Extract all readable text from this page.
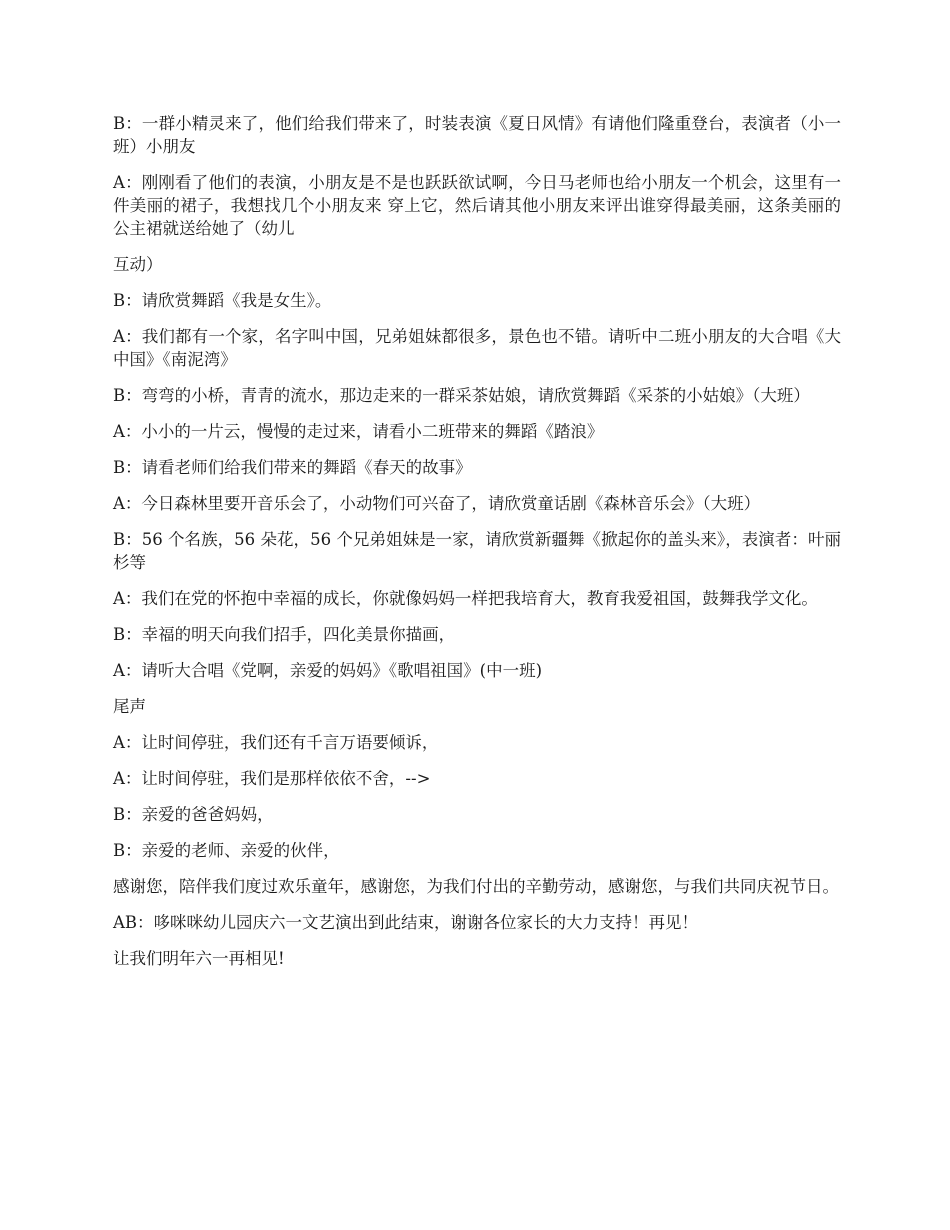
B：一群小精灵来了，他们给我们带来了，时装表演《夏日风情》有请他们隆重登台，表演者（小一班）小朋友

A：刚刚看了他们的表演，小朋友是不是也跃跃欲试啊，今日马老师也给小朋友一个机会，这里有一件美丽的裙子，我想找几个小朋友来 穿上它，然后请其他小朋友来评出谁穿得最美丽，这条美丽的公主裙就送给她了（幼儿

互动）

B：请欣赏舞蹈《我是女生》。

A：我们都有一个家，名字叫中国，兄弟姐妹都很多，景色也不错。请听中二班小朋友的大合唱《大中国》《南泥湾》

B：弯弯的小桥，青青的流水，那边走来的一群采茶姑娘，请欣赏舞蹈《采茶的小姑娘》（大班）

A：小小的一片云，慢慢的走过来，请看小二班带来的舞蹈《踏浪》

B：请看老师们给我们带来的舞蹈《春天的故事》

A：今日森林里要开音乐会了，小动物们可兴奋了，请欣赏童话剧《森林音乐会》（大班）

B：56 个名族，56 朵花，56 个兄弟姐妹是一家，请欣赏新疆舞《掀起你的盖头来》，表演者：叶丽杉等

A：我们在党的怀抱中幸福的成长，你就像妈妈一样把我培育大，教育我爱祖国，鼓舞我学文化。

B：幸福的明天向我们招手，四化美景你描画，

A：请听大合唱《党啊，亲爱的妈妈》《歌唱祖国》(中一班)

尾声

A：让时间停驻，我们还有千言万语要倾诉，

A：让时间停驻，我们是那样依依不舍，-->

B：亲爱的爸爸妈妈，

B：亲爱的老师、亲爱的伙伴，

感谢您，陪伴我们度过欢乐童年，感谢您，为我们付出的辛勤劳动，感谢您，与我们共同庆祝节日。

AB：哆咪咪幼儿园庆六一文艺演出到此结束，谢谢各位家长的大力支持！再见！

让我们明年六一再相见!
